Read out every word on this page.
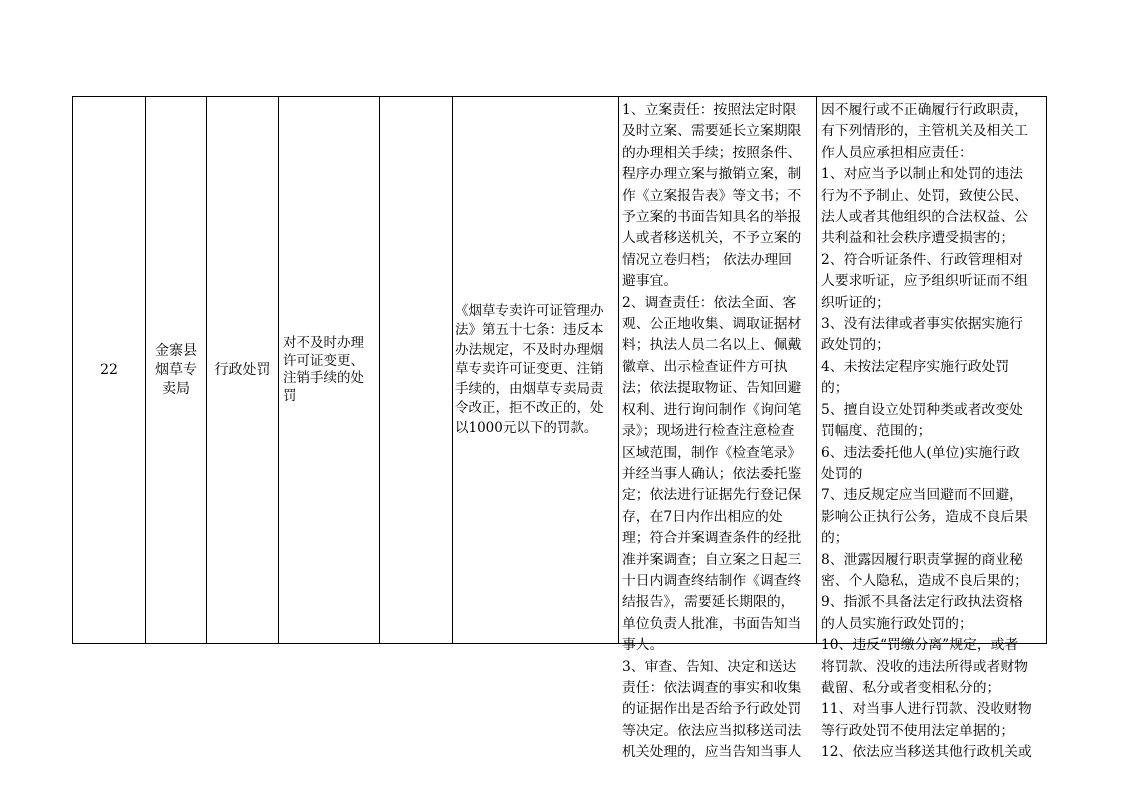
22
金寨县
烟草专
卖局
行政处罚
对不及时办理
许可证变更、
注销手续的处
罚
《烟草专卖许可证管理办
法》第五十七条：违反本
办法规定，不及时办理烟
草专卖许可证变更、注销
手续的，由烟草专卖局责
令改正，拒不改正的，处
以1000元以下的罚款。
1、立案责任：按照法定时限
及时立案、需要延长立案期限
的办理相关手续；按照条件、
程序办理立案与撤销立案，制
作《立案报告表》等文书；不
予立案的书面告知具名的举报
人或者移送机关，不予立案的
情况立卷归档； 依法办理回
避事宜。
2、调查责任：依法全面、客
观、公正地收集、调取证据材
料；执法人员二名以上、佩戴
徽章、出示检查证件方可执
法；依法提取物证、告知回避
权利、进行询问制作《询问笔
录》；现场进行检查注意检查
区域范围，制作《检查笔录》
并经当事人确认；依法委托鉴
定；依法进行证据先行登记保
存，在7日内作出相应的处
理；符合并案调查条件的经批
准并案调查；自立案之日起三
十日内调查终结制作《调查终
结报告》，需要延长期限的，
单位负责人批准，书面告知当
事人。
3、审查、告知、决定和送达
责任：依法调查的事实和收集
的证据作出是否给予行政处罚
等决定。依法应当拟移送司法
机关处理的，应当告知当事人
因不履行或不正确履行行政职责，
有下列情形的，主管机关及相关工
作人员应承担相应责任：
1、对应当予以制止和处罚的违法
行为不予制止、处罚，致使公民、
法人或者其他组织的合法权益、公
共利益和社会秩序遭受损害的；
2、符合听证条件、行政管理相对
人要求听证，应予组织听证而不组
织听证的；
3、没有法律或者事实依据实施行
政处罚的；
4、未按法定程序实施行政处罚
的；
5、擅自设立处罚种类或者改变处
罚幅度、范围的；
6、违法委托他人(单位)实施行政
处罚的
7、违反规定应当回避而不回避，
影响公正执行公务，造成不良后果
的；
8、泄露因履行职责掌握的商业秘
密、个人隐私，造成不良后果的；
9、指派不具备法定行政执法资格
的人员实施行政处罚的；
10、违反“罚缴分离”规定，或者
将罚款、没收的违法所得或者财物
截留、私分或者变相私分的；
11、对当事人进行罚款、没收财物
等行政处罚不使用法定单据的；
12、依法应当移送其他行政机关或
